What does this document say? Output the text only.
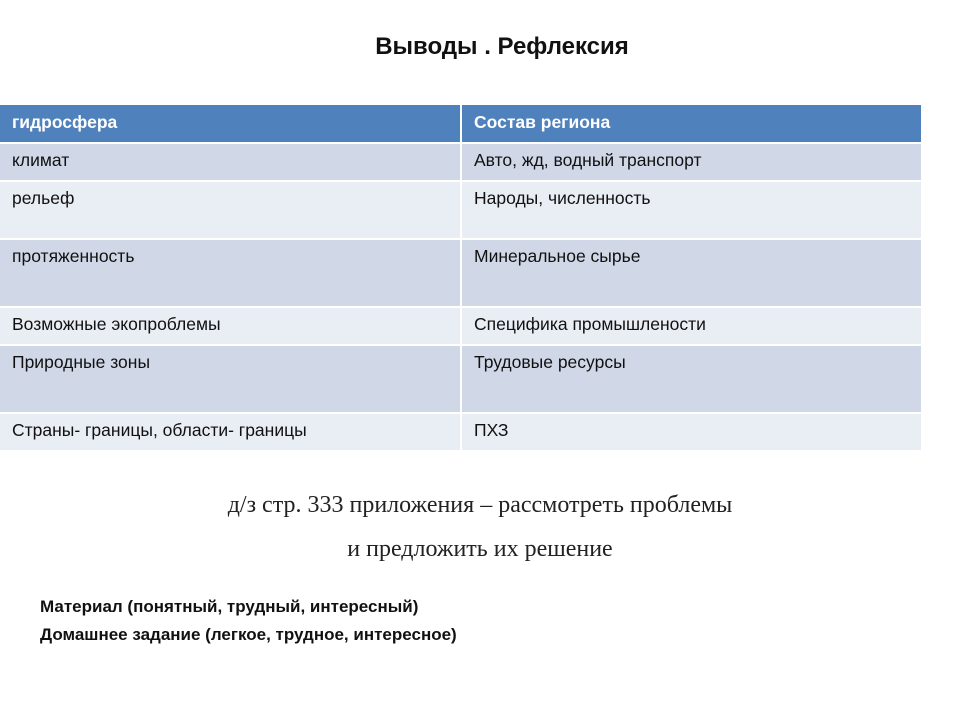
Выводы . Рефлексия
гидросфера	Состав региона
климат	Авто, жд, водный транспорт
рельеф	Народы, численность
протяженность	Минеральное сырье
Возможные экопроблемы	Специфика промышлености
Природные зоны	Трудовые ресурсы
Страны- границы, области- границы	ПХЗ
д/з стр. 333 приложения – рассмотреть проблемы
и предложить их решение
Материал (понятный, трудный, интересный)
Домашнее задание (легкое, трудное, интересное)
